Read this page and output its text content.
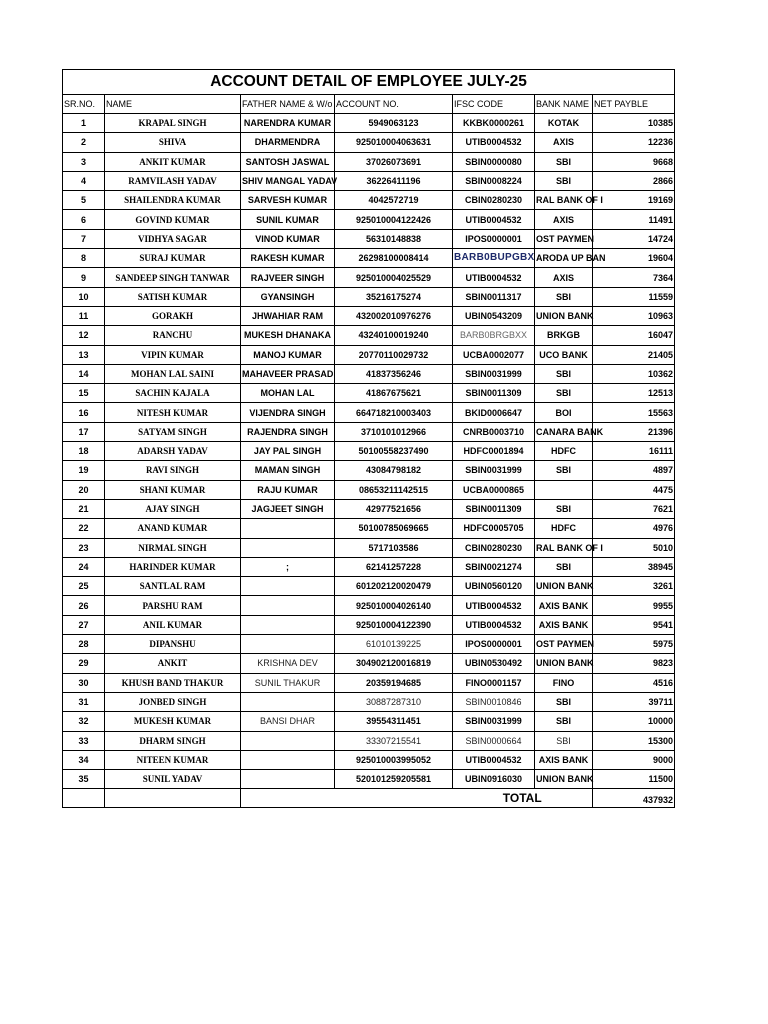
ACCOUNT DETAIL OF EMPLOYEE JULY-25						
SR.NO.	NAME	FATHER NAME & W/o	ACCOUNT NO.	IFSC CODE	BANK NAME	NET PAYBLE
1	KRAPAL SINGH	NARENDRA KUMAR	5949063123	KKBK0000261	KOTAK	10385
2	SHIVA	DHARMENDRA	925010004063631	UTIB0004532	AXIS	12236
3	ANKIT KUMAR	SANTOSH JASWAL	37026073691	SBIN0000080	SBI	9668
4	RAMVILASH YADAV	SHIV MANGAL YADAV	36226411196	SBIN0008224	SBI	2866
5	SHAILENDRA KUMAR	SARVESH KUMAR	4042572719	CBIN0280230	RAL BANK OF I	19169
6	GOVIND KUMAR	SUNIL KUMAR	925010004122426	UTIB0004532	AXIS	11491
7	VIDHYA SAGAR	VINOD KUMAR	56310148838	IPOS0000001	OST PAYMEN	14724
8	SURAJ KUMAR	RAKESH KUMAR	26298100008414	BARB0BUPGBX	ARODA UP BAN	19604
9	SANDEEP SINGH TANWAR	RAJVEER SINGH	925010004025529	UTIB0004532	AXIS	7364
10	SATISH KUMAR	GYANSINGH	35216175274	SBIN0011317	SBI	11559
11	GORAKH	JHWAHIAR RAM	432002010976276	UBIN0543209	UNION BANK	10963
12	RANCHU	MUKESH DHANAKA	43240100019240	BARB0BRGBXX	BRKGB	16047
13	VIPIN KUMAR	MANOJ KUMAR	20770110029732	UCBA0002077	UCO BANK	21405
14	MOHAN LAL SAINI	MAHAVEER PRASAD	41837356246	SBIN0031999	SBI	10362
15	SACHIN KAJALA	MOHAN LAL	41867675621	SBIN0011309	SBI	12513
16	NITESH KUMAR	VIJENDRA SINGH	664718210003403	BKID0006647	BOI	15563
17	SATYAM SINGH	RAJENDRA SINGH	3710101012966	CNRB0003710	CANARA BANK	21396
18	ADARSH YADAV	JAY PAL SINGH	50100558237490	HDFC0001894	HDFC	16111
19	RAVI SINGH	MAMAN SINGH	43084798182	SBIN0031999	SBI	4897
20	SHANI KUMAR	RAJU KUMAR	08653211142515	UCBA0000865		4475
21	AJAY SINGH	JAGJEET SINGH	42977521656	SBIN0011309	SBI	7621
22	ANAND KUMAR		50100785069665	HDFC0005705	HDFC	4976
23	NIRMAL SINGH		5717103586	CBIN0280230	RAL BANK OF I	5010
24	HARINDER KUMAR	;	62141257228	SBIN0021274	SBI	38945
25	SANTLAL RAM		601202120020479	UBIN0560120	UNION BANK	3261
26	PARSHU RAM		925010004026140	UTIB0004532	AXIS BANK	9955
27	ANIL KUMAR		925010004122390	UTIB0004532	AXIS BANK	9541
28	DIPANSHU		61010139225	IPOS0000001	OST PAYMEN	5975
29	ANKIT	KRISHNA DEV	304902120016819	UBIN0530492	UNION BANK	9823
30	KHUSH BAND THAKUR	SUNIL THAKUR	20359194685	FINO0001157	FINO	4516
31	JONBED SINGH		30887287310	SBIN0010846	SBI	39711
32	MUKESH KUMAR	BANSI DHAR	39554311451	SBIN0031999	SBI	10000
33	DHARM SINGH		33307215541	SBIN0000664	SBI	15300
34	NITEEN KUMAR		925010003995052	UTIB0004532	AXIS BANK	9000
35	SUNIL YADAV		520101259205581	UBIN0916030	UNION BANK	11500
				TOTAL		437932
